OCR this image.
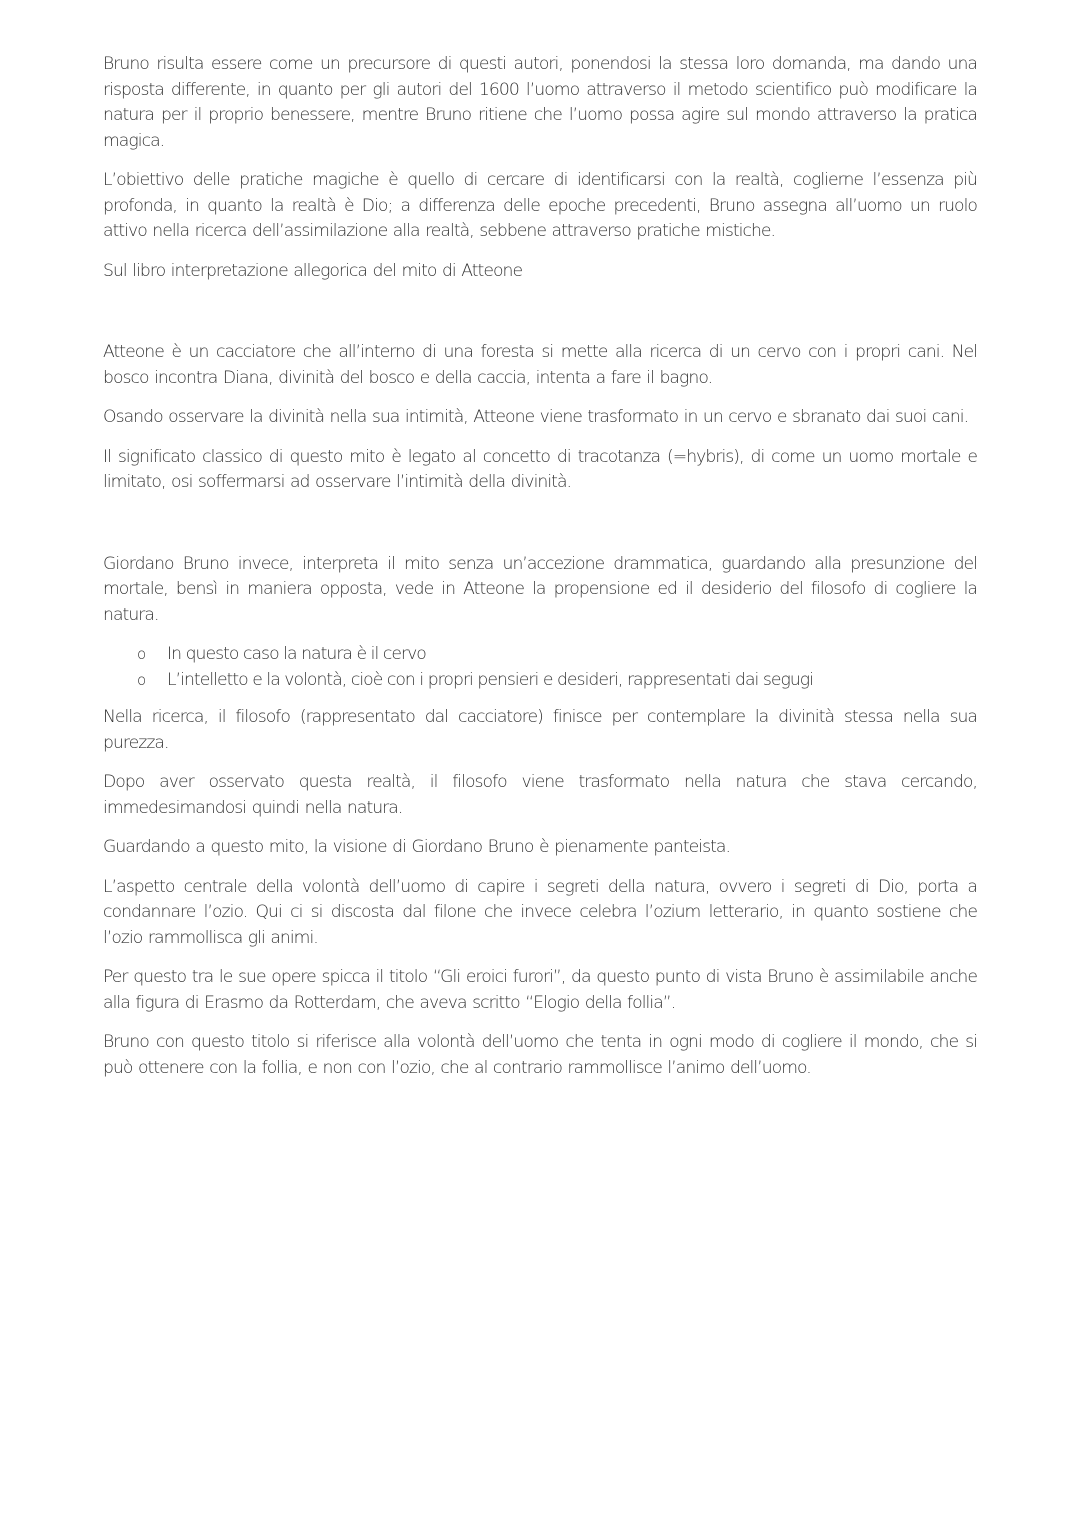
Bruno risulta essere come un precursore di questi autori, ponendosi la stessa loro domanda, ma dando una risposta differente, in quanto per gli autori del 1600 l’uomo attraverso il metodo scientifico può modificare la natura per il proprio benessere, mentre Bruno ritiene che l’uomo possa agire sul mondo attraverso la pratica magica.

L’obiettivo delle pratiche magiche è quello di cercare di identificarsi con la realtà, coglierne l’essenza più profonda, in quanto la realtà è Dio; a differenza delle epoche precedenti, Bruno assegna all’uomo un ruolo attivo nella ricerca dell’assimilazione alla realtà, sebbene attraverso pratiche mistiche.

Sul libro interpretazione allegorica del mito di Atteone

Atteone è un cacciatore che all’interno di una foresta si mette alla ricerca di un cervo con i propri cani. Nel bosco incontra Diana, divinità del bosco e della caccia, intenta a fare il bagno.

Osando osservare la divinità nella sua intimità, Atteone viene trasformato in un cervo e sbranato dai suoi cani.

Il significato classico di questo mito è legato al concetto di tracotanza (=hybris), di come un uomo mortale e limitato, osi soffermarsi ad osservare l’intimità della divinità.

Giordano Bruno invece, interpreta il mito senza un’accezione drammatica, guardando alla presunzione del mortale, bensì in maniera opposta, vede in Atteone la propensione ed il desiderio del filosofo di cogliere la natura.

o In questo caso la natura è il cervo
o L’intelletto e la volontà, cioè con i propri pensieri e desideri, rappresentati dai segugi

Nella ricerca, il filosofo (rappresentato dal cacciatore) finisce per contemplare la divinità stessa nella sua purezza.

Dopo aver osservato questa realtà, il filosofo viene trasformato nella natura che stava cercando, immedesimandosi quindi nella natura.

Guardando a questo mito, la visione di Giordano Bruno è pienamente panteista.

L’aspetto centrale della volontà dell’uomo di capire i segreti della natura, ovvero i segreti di Dio, porta a condannare l’ozio. Qui ci si discosta dal filone che invece celebra l’ozium letterario, in quanto sostiene che l’ozio rammollisca gli animi.

Per questo tra le sue opere spicca il titolo “Gli eroici furori”, da questo punto di vista Bruno è assimilabile anche alla figura di Erasmo da Rotterdam, che aveva scritto “Elogio della follia”.

Bruno con questo titolo si riferisce alla volontà dell’uomo che tenta in ogni modo di cogliere il mondo, che si può ottenere con la follia, e non con l’ozio, che al contrario rammollisce l’animo dell’uomo.
